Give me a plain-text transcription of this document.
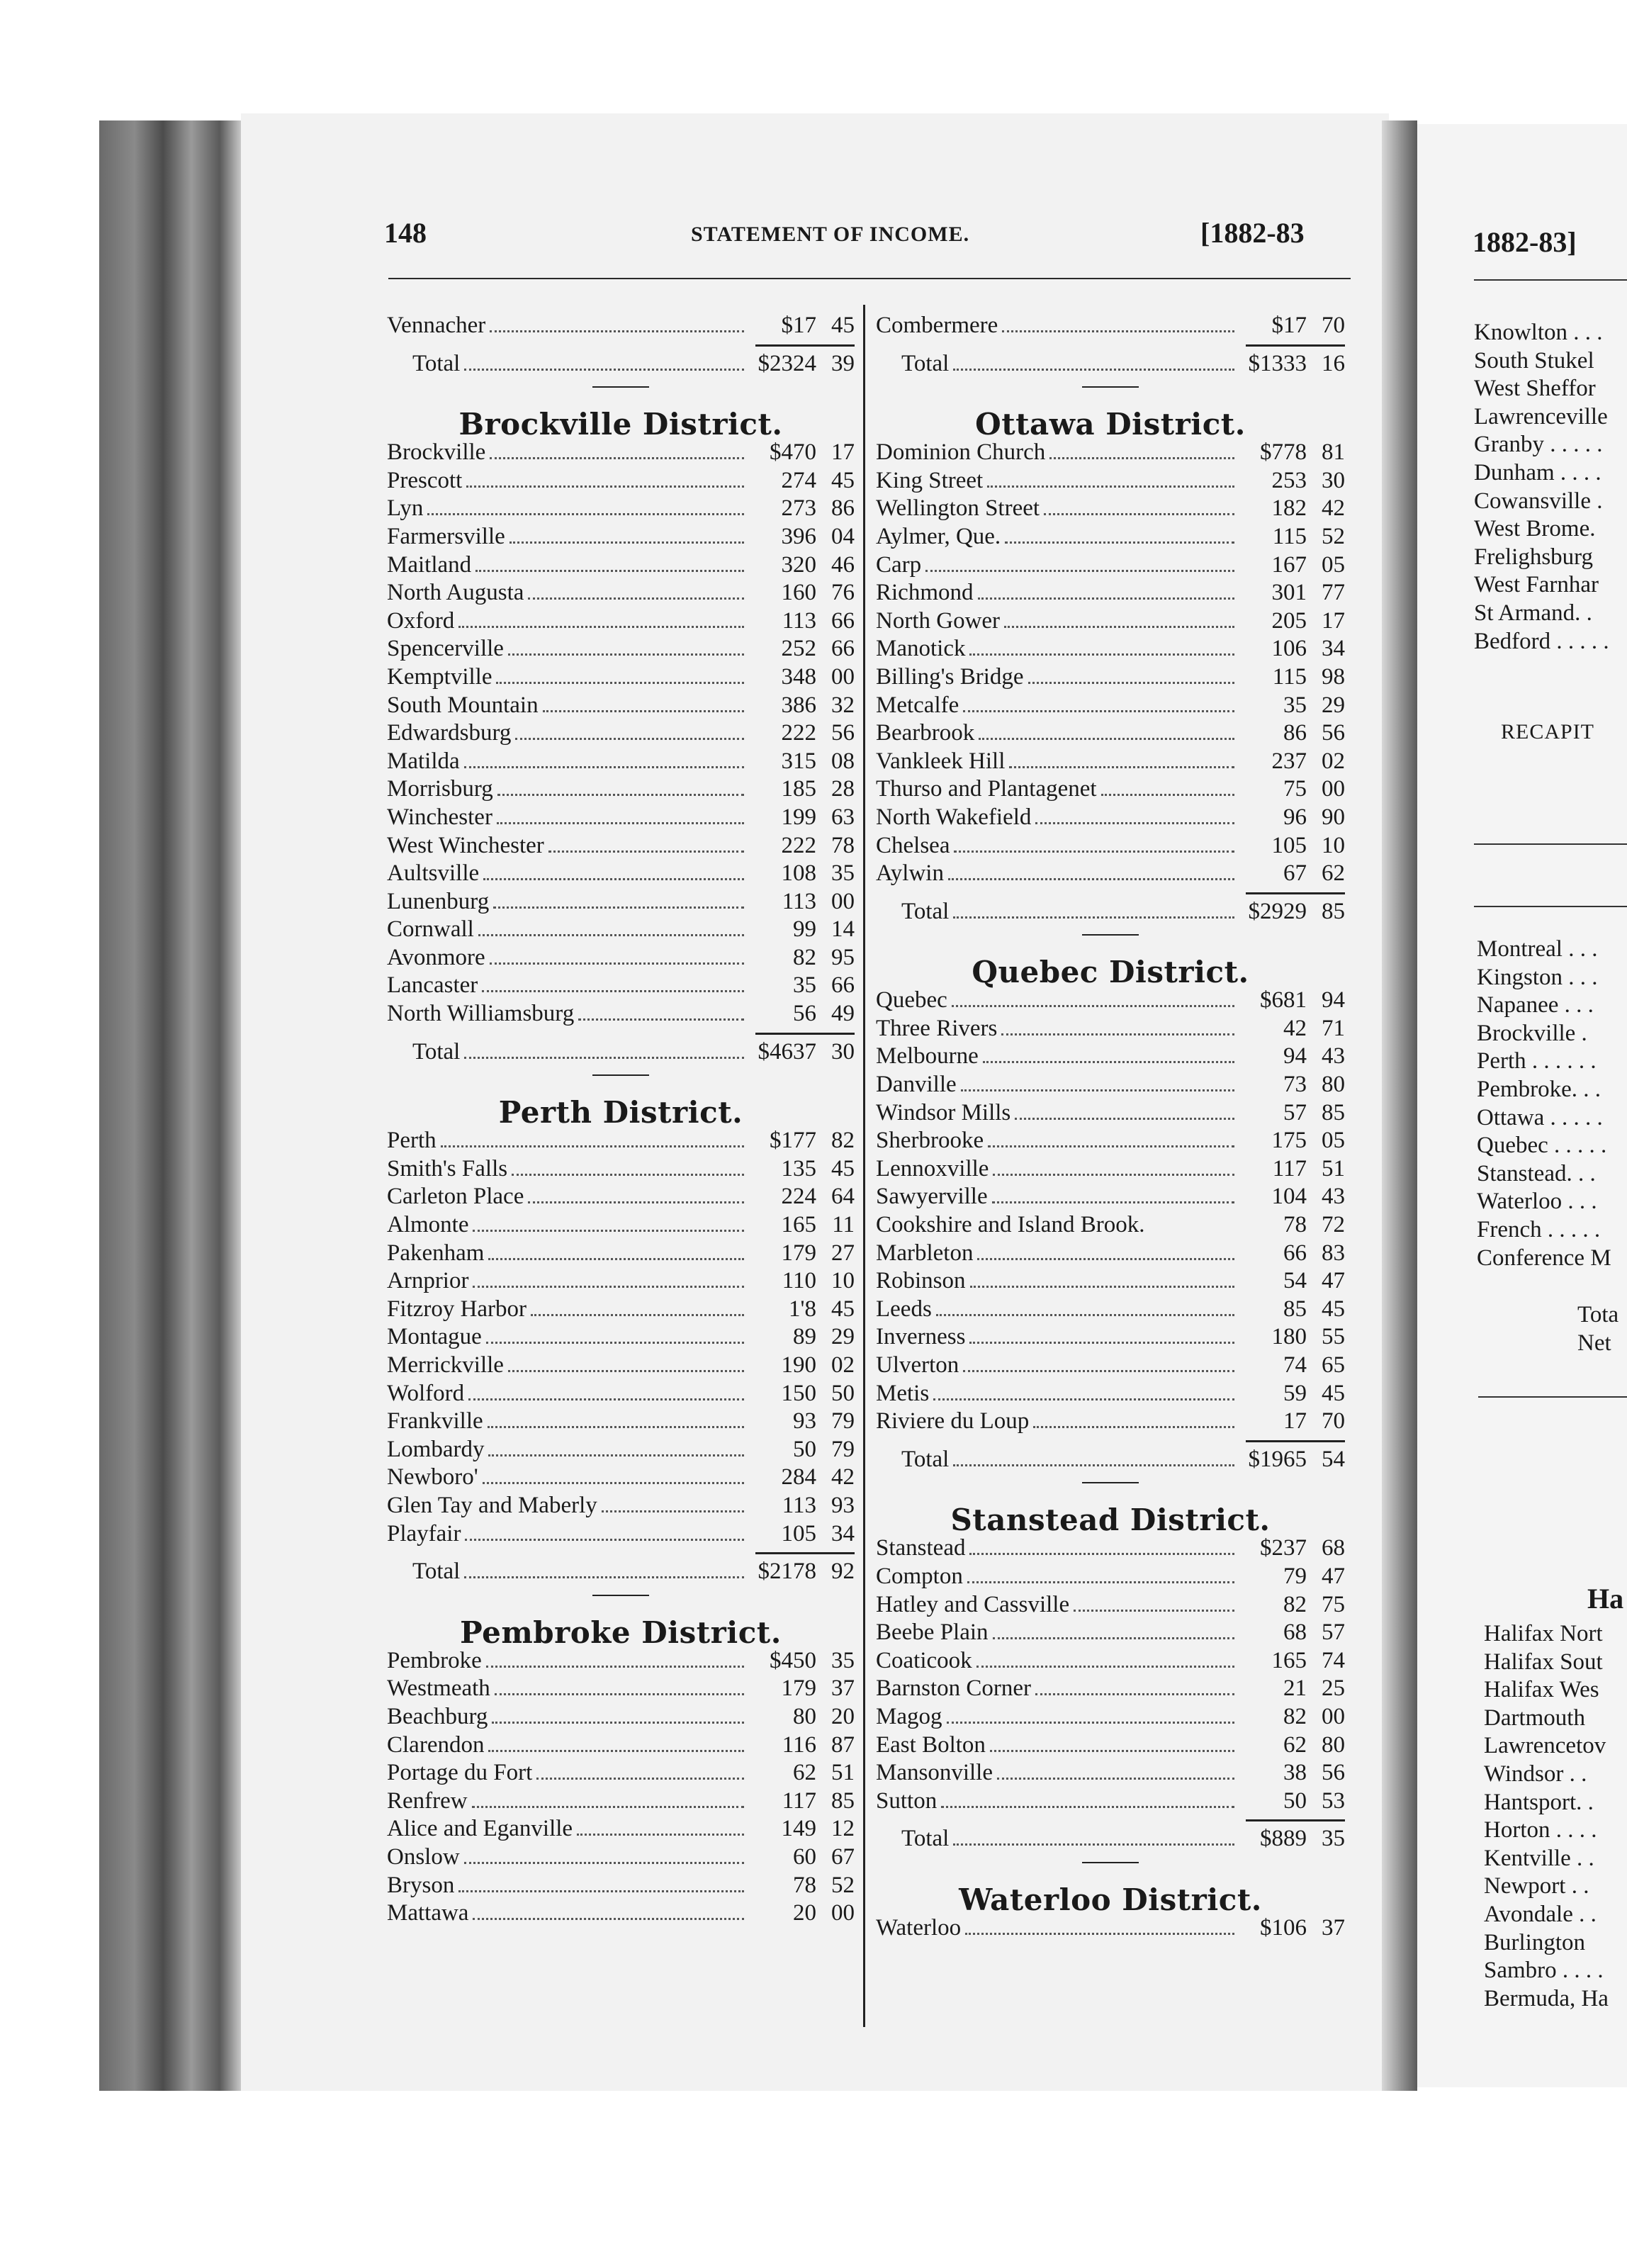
148	STATEMENT OF INCOME.	[1882-83
Vennacher	$17 45
Total	$2324 39
Brockville District.
Brockville	$470 17
Prescott	274 45
Lyn	273 86
Farmersville	396 04
Maitland	320 46
North Augusta	160 76
Oxford	113 66
Spencerville	252 66
Kemptville	348 00
South Mountain	386 32
Edwardsburg	222 56
Matilda	315 08
Morrisburg	185 28
Winchester	199 63
West Winchester	222 78
Aultsville	108 35
Lunenburg	113 00
Cornwall	99 14
Avonmore	82 95
Lancaster	35 66
North Williamsburg	56 49
Total	$4637 30
Perth District.
Perth	$177 82
Smith's Falls	135 45
Carleton Place	224 64
Almonte	165 11
Pakenham	179 27
Arnprior	110 10
Fitzroy Harbor	1'8 45
Montague	89 29
Merrickville	190 02
Wolford	150 50
Frankville	93 79
Lombardy	50 79
Newboro'	284 42
Glen Tay and Maberly	113 93
Playfair	105 34
Total	$2178 92
Pembroke District.
Pembroke	$450 35
Westmeath	179 37
Beachburg	80 20
Clarendon	116 87
Portage du Fort	62 51
Renfrew	117 85
Alice and Eganville	149 12
Onslow	60 67
Bryson	78 52
Mattawa	20 00
Combermere	$17 70
Total	$1333 16
Ottawa District.
Dominion Church	$778 81
King Street	253 30
Wellington Street	182 42
Aylmer, Que.	115 52
Carp	167 05
Richmond	301 77
North Gower	205 17
Manotick	106 34
Billing's Bridge	115 98
Metcalfe	35 29
Bearbrook	86 56
Vankleek Hill	237 02
Thurso and Plantagenet	75 00
North Wakefield	96 90
Chelsea	105 10
Aylwin	67 62
Total	$2929 85
Quebec District.
Quebec	$681 94
Three Rivers	42 71
Melbourne	94 43
Danville	73 80
Windsor Mills	57 85
Sherbrooke	175 05
Lennoxville	117 51
Sawyerville	104 43
Cookshire and Island Brook.	78 72
Marbleton	66 83
Robinson	54 47
Leeds	85 45
Inverness	180 55
Ulverton	74 65
Metis	59 45
Riviere du Loup	17 70
Total	$1965 54
Stanstead District.
Stanstead	$237 68
Compton	79 47
Hatley and Cassville	82 75
Beebe Plain	68 57
Coaticook	165 74
Barnston Corner	21 25
Magog	82 00
East Bolton	62 80
Mansonville	38 56
Sutton	50 53
Total	$889 35
Waterloo District.
Waterloo	$106 37
1882-83]
Knowlton . . .
South Stukel
West Sheffor
Lawrenceville
Granby . . . . .
Dunham . . . .
Cowansville .
West Brome.
Frelighsburg
West Farnhar
St Armand. .
Bedford . . . . .
RECAPIT
Montreal . . .
Kingston . . .
Napanee . . .
Brockville .
Perth . . . . . .
Pembroke. . .
Ottawa . . . . .
Quebec . . . . .
Stanstead. . .
Waterloo . . .
French . . . . .
Conference M
Tota
Net
Ha
Halifax Nort
Halifax Sout
Halifax Wes
Dartmouth
Lawrencetov
Windsor . .
Hantsport. .
Horton . . . .
Kentville . .
Newport . .
Avondale . .
Burlington
Sambro . . . .
Bermuda, Ha
